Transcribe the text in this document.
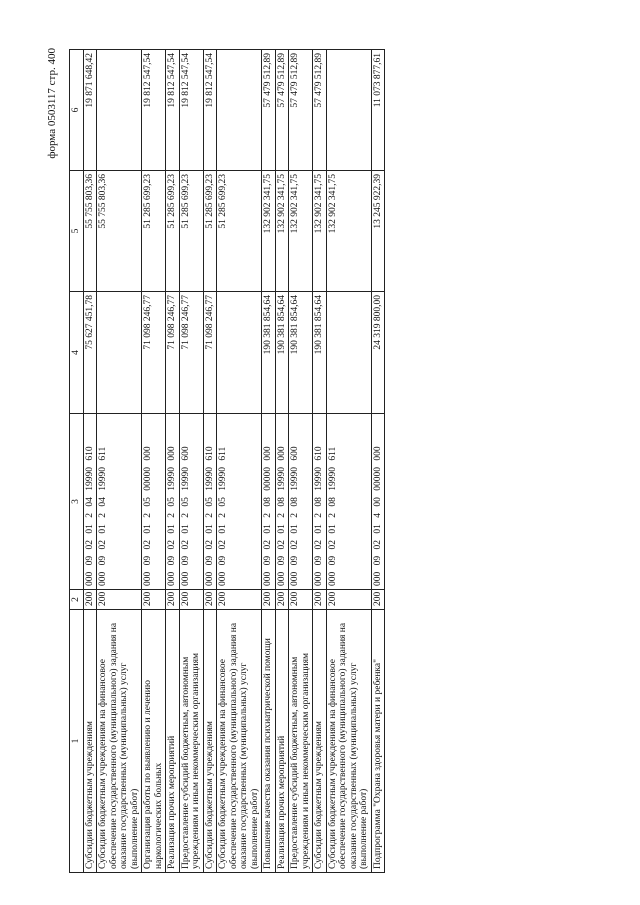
форма 0503117 стр. 400
1	2	3	4	5	6
Субсидии бюджетным учреждениям	200	000 09 02 01 2 04 19990 610	75 627 451,78	55 755 803,36	19 871 648,42
Субсидии бюджетным учреждениям на финансовое обеспечение государственного (муниципального) задания на оказание государственных (муниципальных) услуг (выполнение работ)	200	000 09 02 01 2 04 19990 611		55 755 803,36	
Организация работы по выявлению и лечению наркологических больных	200	000 09 02 01 2 05 00000 000	71 098 246,77	51 285 699,23	19 812 547,54
Реализация прочих мероприятий	200	000 09 02 01 2 05 19990 000	71 098 246,77	51 285 699,23	19 812 547,54
Предоставление субсидий бюджетным, автономным учреждениям и иным некоммерческим организациям	200	000 09 02 01 2 05 19990 600	71 098 246,77	51 285 699,23	19 812 547,54
Субсидии бюджетным учреждениям	200	000 09 02 01 2 05 19990 610	71 098 246,77	51 285 699,23	19 812 547,54
Субсидии бюджетным учреждениям на финансовое обеспечение государственного (муниципального) задания на оказание государственных (муниципальных) услуг (выполнение работ)	200	000 09 02 01 2 05 19990 611		51 285 699,23	
Повышение качества оказания психиатрической помощи	200	000 09 02 01 2 08 00000 000	190 381 854,64	132 902 341,75	57 479 512,89
Реализация прочих мероприятий	200	000 09 02 01 2 08 19990 000	190 381 854,64	132 902 341,75	57 479 512,89
Предоставление субсидий бюджетным, автономным учреждениям и иным некоммерческим организациям	200	000 09 02 01 2 08 19990 600	190 381 854,64	132 902 341,75	57 479 512,89
Субсидии бюджетным учреждениям	200	000 09 02 01 2 08 19990 610	190 381 854,64	132 902 341,75	57 479 512,89
Субсидии бюджетным учреждениям на финансовое обеспечение государственного (муниципального) задания на оказание государственных (муниципальных) услуг (выполнение работ)	200	000 09 02 01 2 08 19990 611		132 902 341,75	
Подпрограмма "Охрана здоровья матери и ребенка"	200	000 09 02 01 4 00 00000 000	24 319 800,00	13 245 922,39	11 073 877,61
